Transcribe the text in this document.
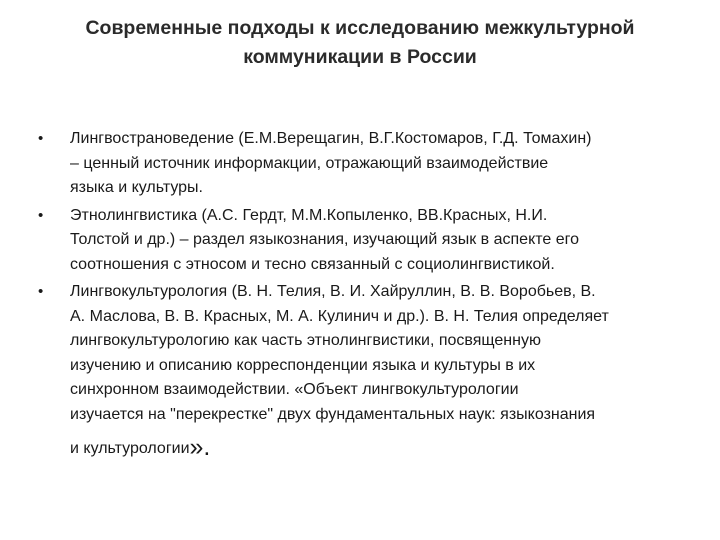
Современные подходы к исследованию межкультурной
коммуникации в России
•	Лингвострановедение (Е.М.Верещагин, В.Г.Костомаров, Г.Д. Томахин)
– ценный источник информакции, отражающий взаимодействие
языка и культуры.
•	Этнолингвистика (А.С. Гердт, М.М.Копыленко, ВВ.Красных, Н.И.
Толстой и др.) – раздел языкознания, изучающий язык в аспекте его
соотношения с этносом и тесно связанный с социолингвистикой.
•	Лингвокультурология (В. Н. Телия, В. И. Хайруллин, В. В. Воробьев, В.
А. Маслова, В. В. Красных, М. А. Кулинич и др.). В. Н. Телия определяет
лингвокультурологию как часть этнолингвистики, посвященную
изучению и описанию корреспонденции языка и культуры в их
синхронном взаимодействии. «Объект лингвокультурологии
изучается на "перекрестке" двух фундаментальных наук: языкознания
и культурологии».
